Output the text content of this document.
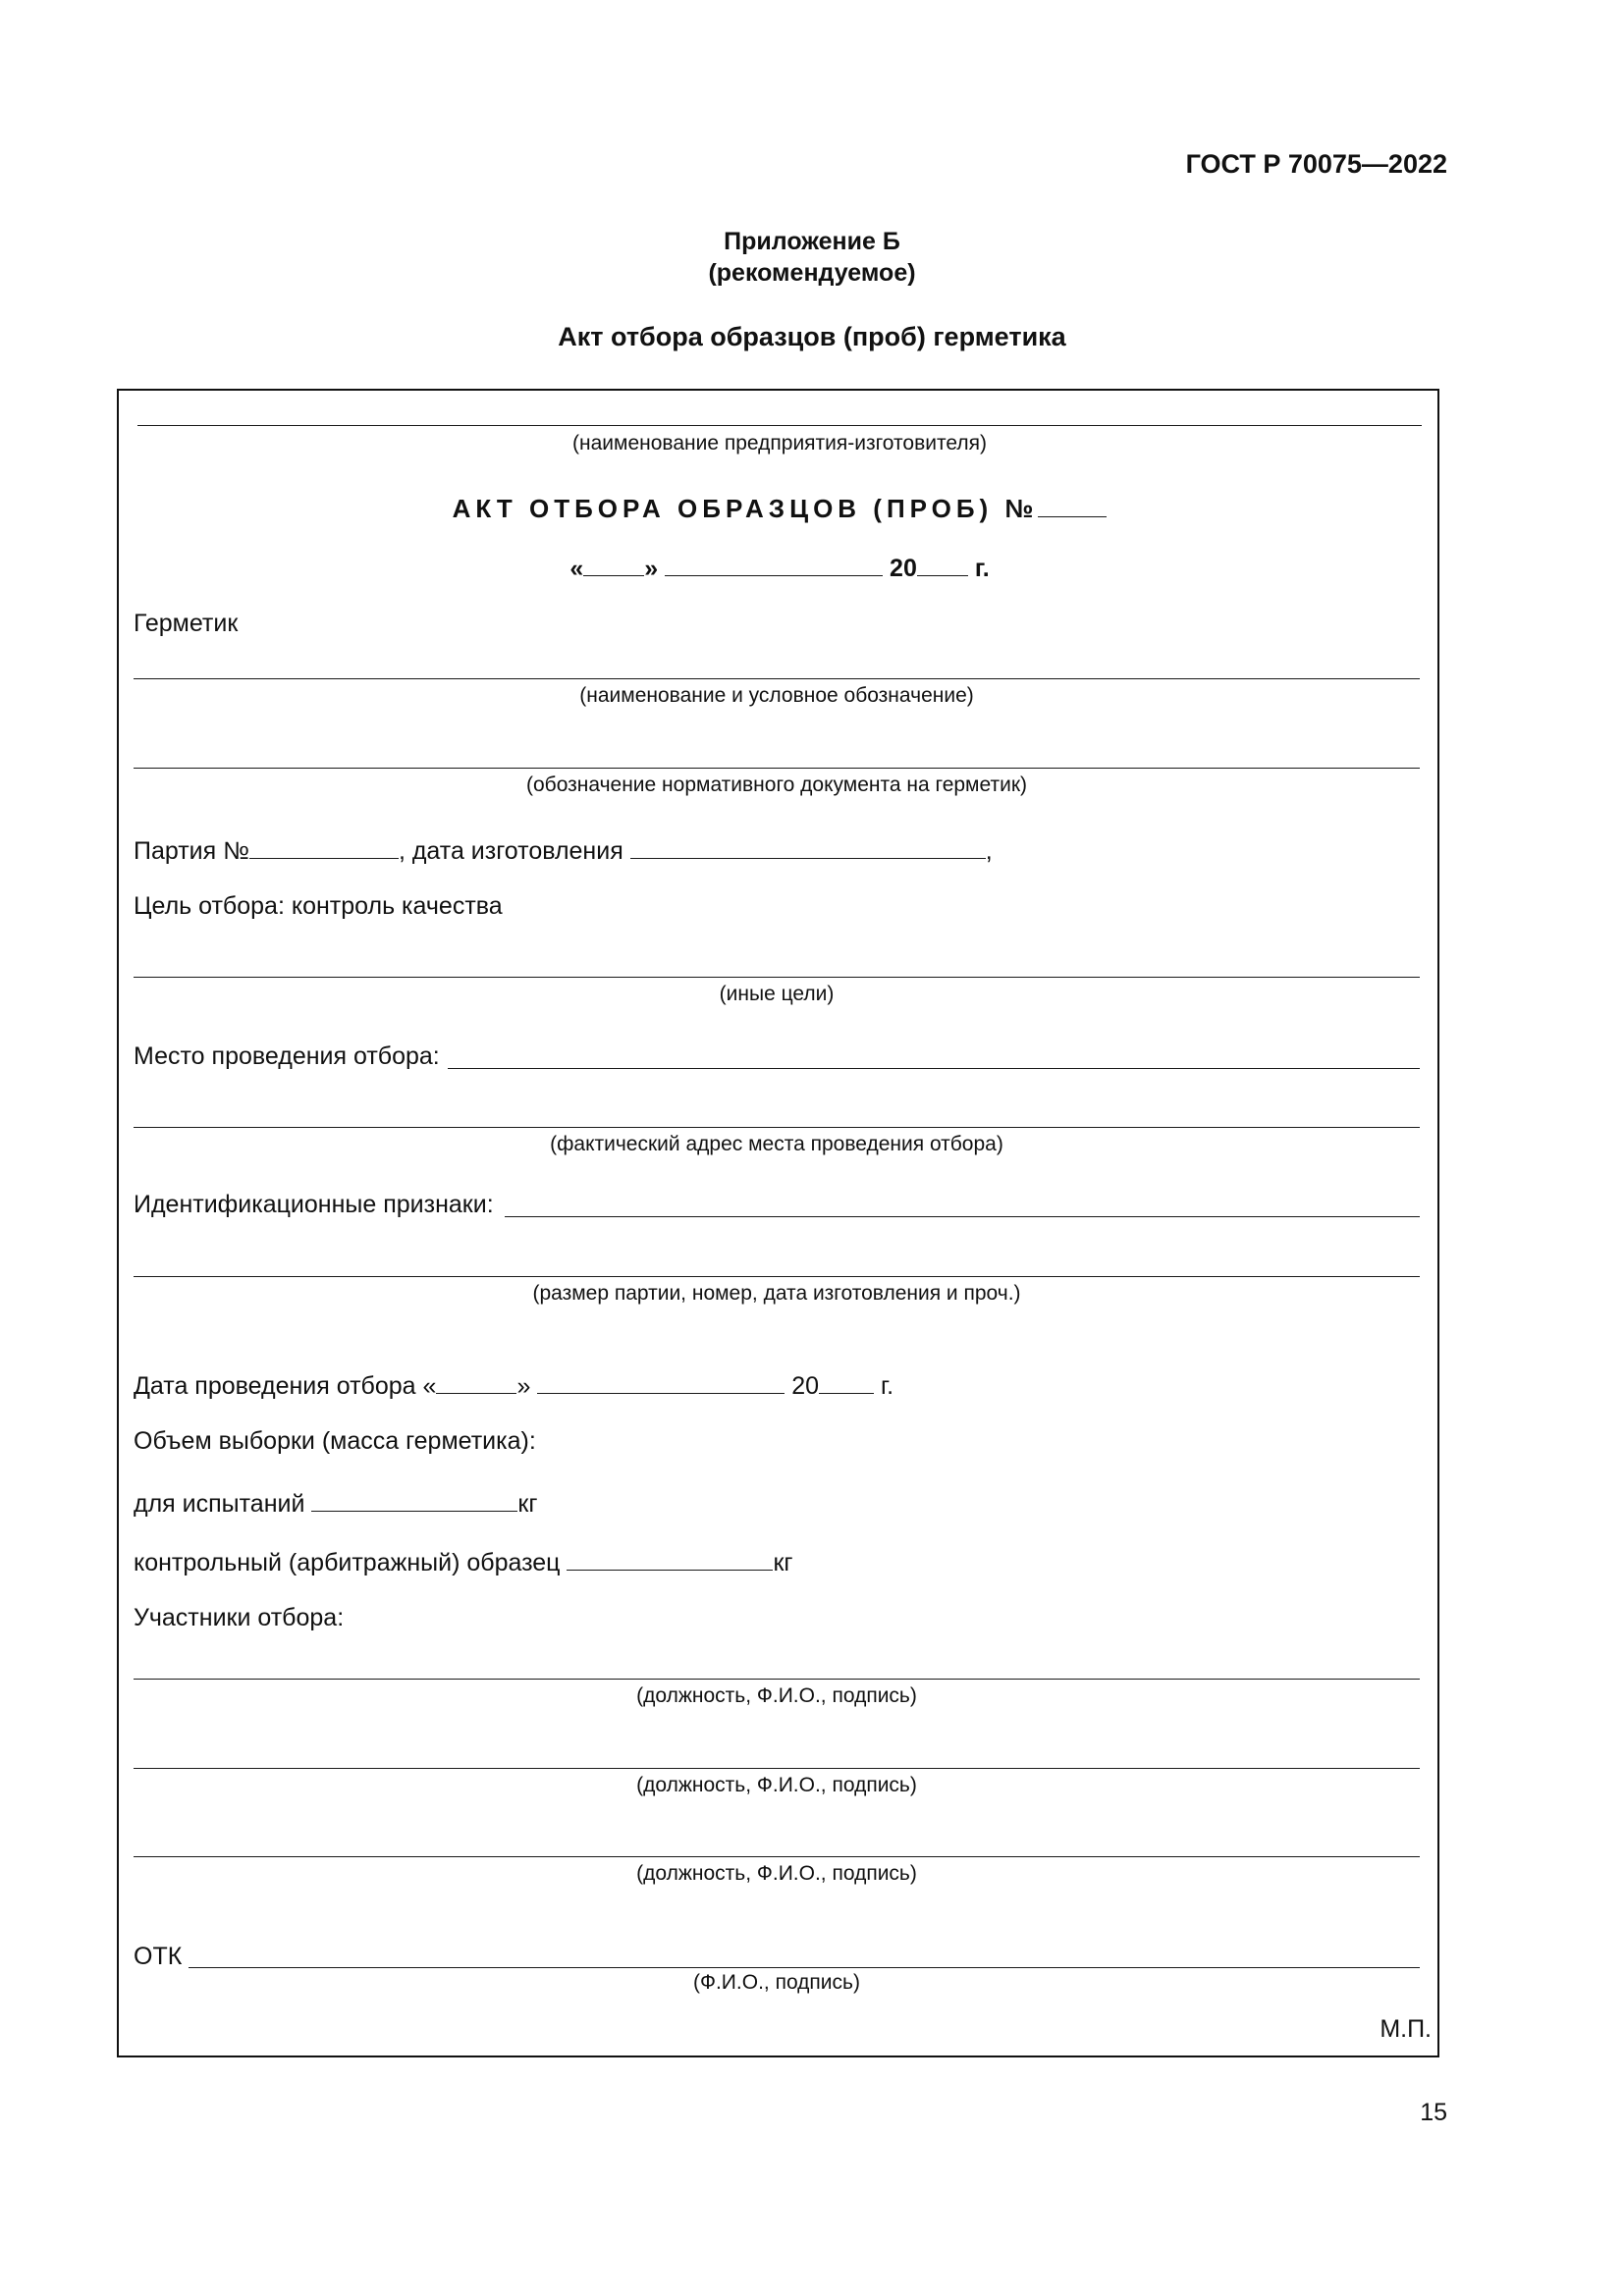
ГОСТ Р 70075—2022
Приложение Б
(рекомендуемое)
Акт отбора образцов (проб) герметика
(наименование предприятия-изготовителя)
АКТ ОТБОРА ОБРАЗЦОВ (ПРОБ) №
« »	20 г.
Герметик
(наименование и условное обозначение)
(обозначение нормативного документа на герметик)
Партия №	, дата изготовления	,
Цель отбора: контроль качества
(иные цели)
Место проведения отбора:
(фактический адрес места проведения отбора)
Идентификационные признаки:
(размер партии, номер, дата изготовления и проч.)
Дата проведения отбора «	»	20	г.
Объем выборки (масса герметика):
для испытаний	кг
контрольный (арбитражный) образец	кг
Участники отбора:
(должность, Ф.И.О., подпись)
(должность, Ф.И.О., подпись)
(должность, Ф.И.О., подпись)
ОТК
(Ф.И.О., подпись)
М.П.
15
